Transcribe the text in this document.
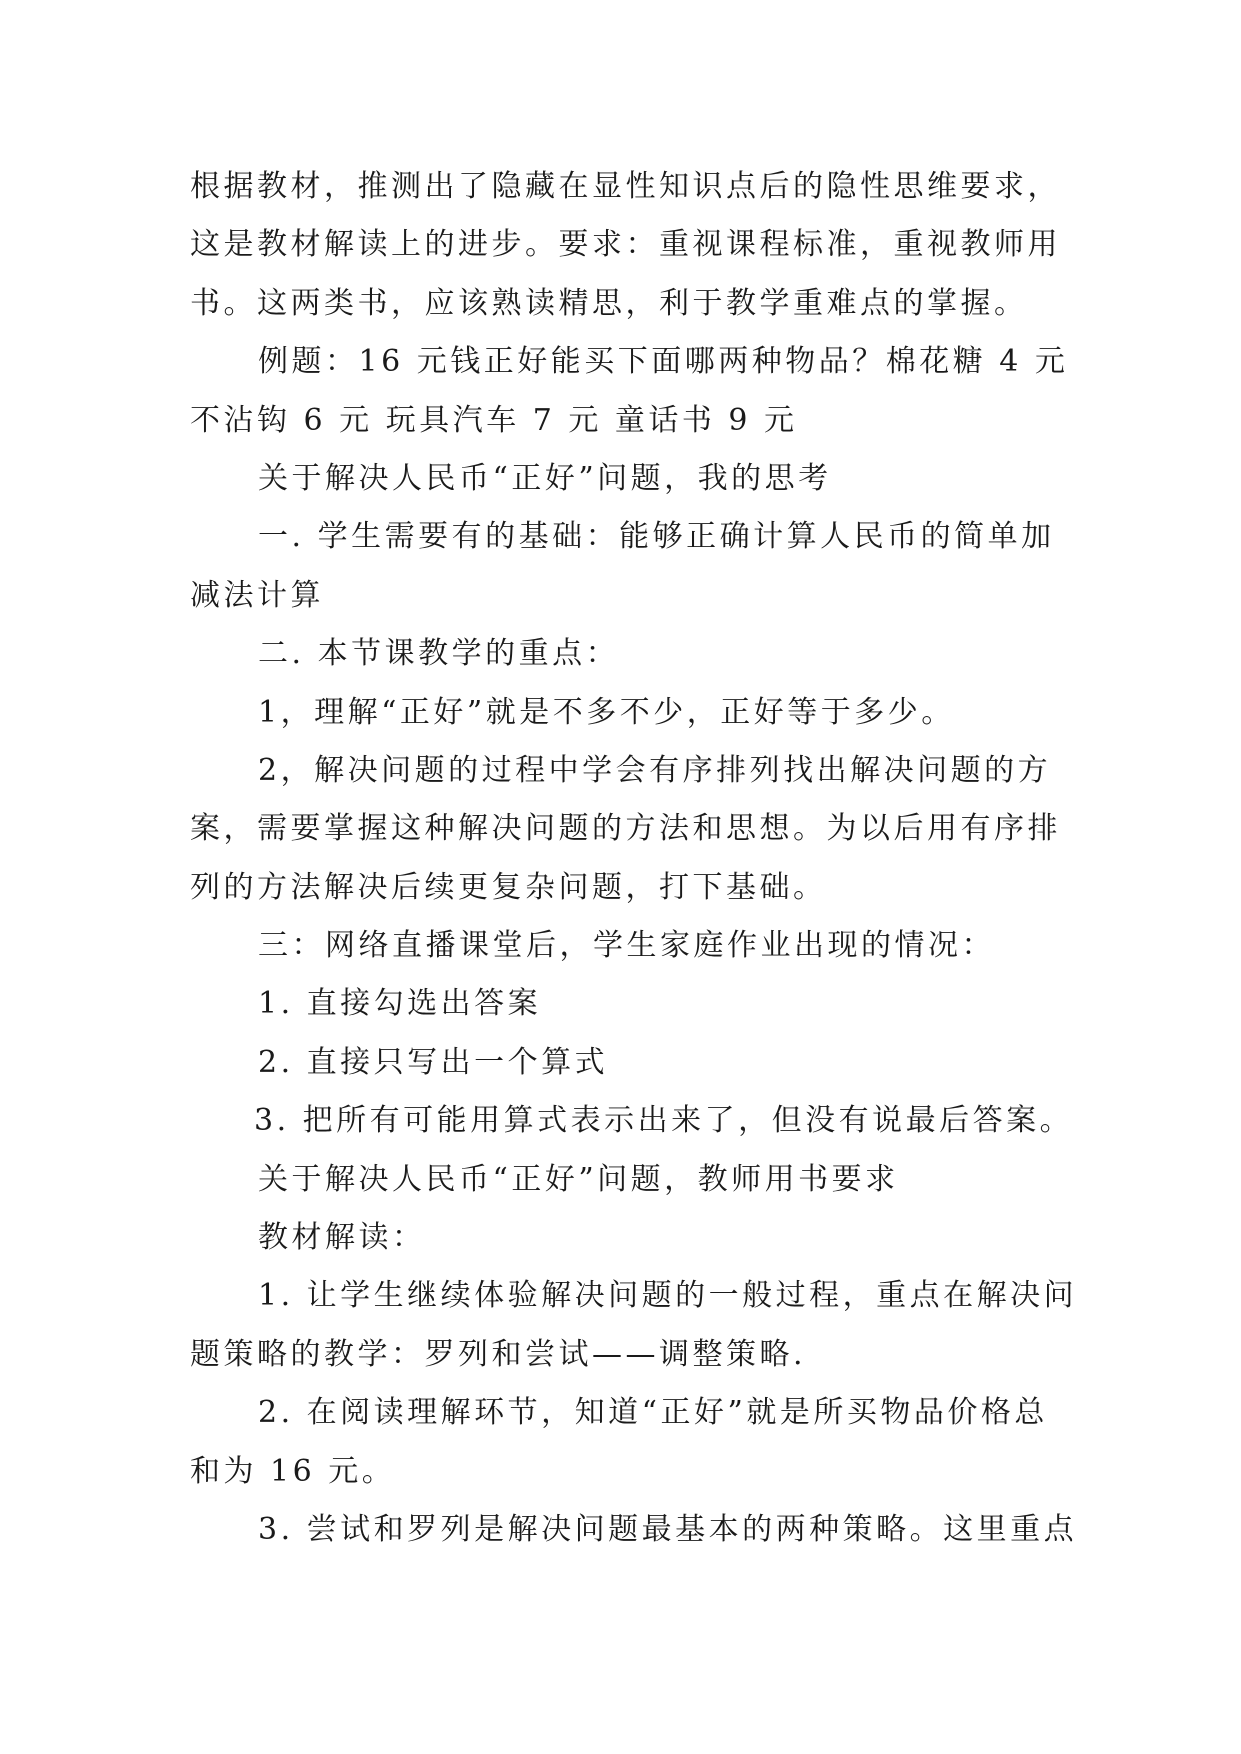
根据教材，推测出了隐藏在显性知识点后的隐性思维要求，
这是教材解读上的进步。要求：重视课程标准，重视教师用
书。这两类书，应该熟读精思，利于教学重难点的掌握。
例题：16 元钱正好能买下面哪两种物品？棉花糖 4 元
不沾钩 6 元 玩具汽车 7 元 童话书 9 元
关于解决人民币“正好”问题，我的思考
一. 学生需要有的基础：能够正确计算人民币的简单加
减法计算
二. 本节课教学的重点：
1，理解“正好”就是不多不少，正好等于多少。
2，解决问题的过程中学会有序排列找出解决问题的方
案，需要掌握这种解决问题的方法和思想。为以后用有序排
列的方法解决后续更复杂问题，打下基础。
三：网络直播课堂后，学生家庭作业出现的情况：
1. 直接勾选出答案
2. 直接只写出一个算式
3. 把所有可能用算式表示出来了，但没有说最后答案。
关于解决人民币“正好”问题，教师用书要求
教材解读：
1. 让学生继续体验解决问题的一般过程，重点在解决问
题策略的教学：罗列和尝试——调整策略.
2. 在阅读理解环节，知道“正好”就是所买物品价格总
和为 16 元。
3. 尝试和罗列是解决问题最基本的两种策略。这里重点
